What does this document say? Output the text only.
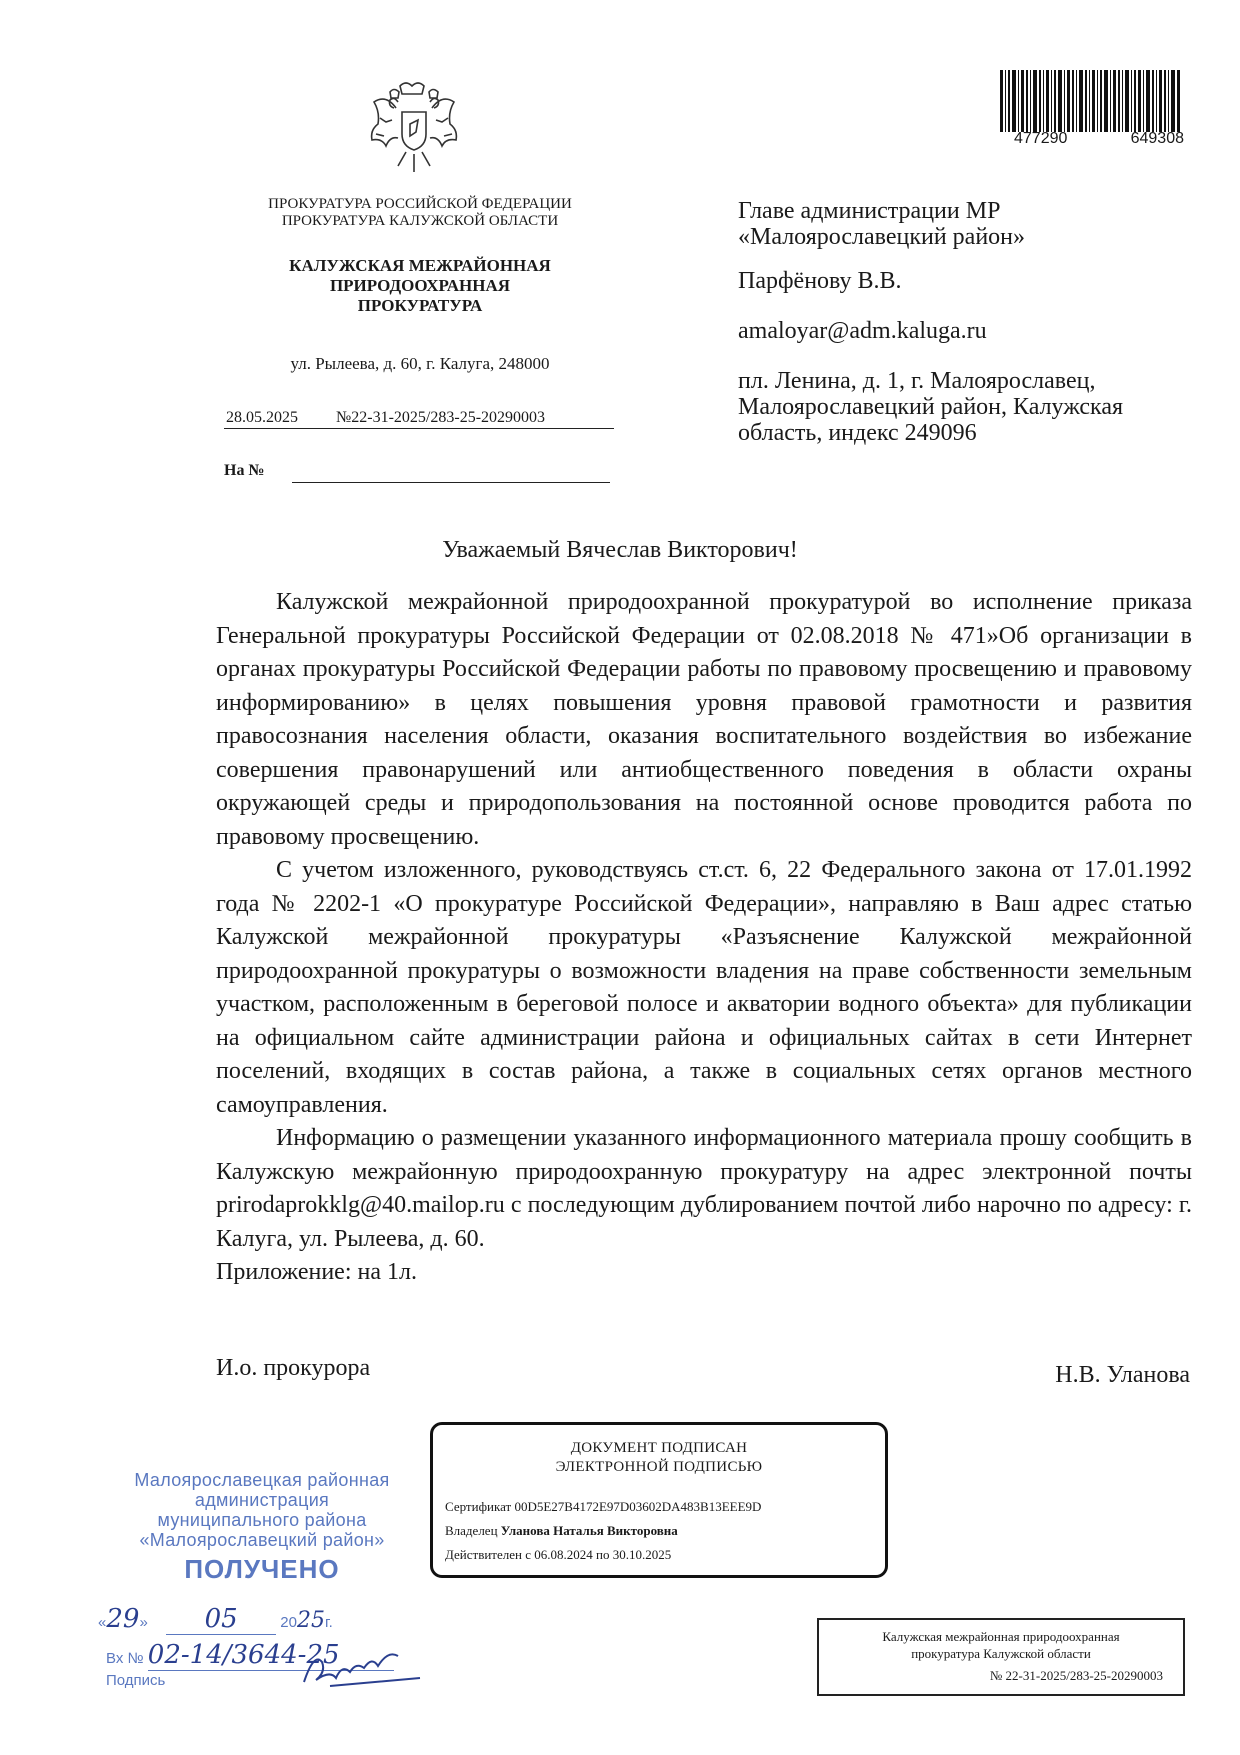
477290	649308
ПРОКУРАТУРА РОССИЙСКОЙ ФЕДЕРАЦИИ
ПРОКУРАТУРА КАЛУЖСКОЙ ОБЛАСТИ
КАЛУЖСКАЯ МЕЖРАЙОННАЯ
ПРИРОДООХРАННАЯ
ПРОКУРАТУРА
ул. Рылеева, д. 60, г. Калуга, 248000
28.05.2025 №22-31-2025/283-25-20290003
На №
Главе администрации МР
«Малоярославецкий район»
Парфёнову В.В.
amaloyar@adm.kaluga.ru
пл. Ленина, д. 1, г. Малоярославец,
Малоярославецкий район, Калужская
область, индекс 249096
Уважаемый Вячеслав Викторович!

Калужской межрайонной природоохранной прокуратурой во исполнение приказа Генеральной прокуратуры Российской Федерации от 02.08.2018 № 471»Об организации в органах прокуратуры Российской Федерации работы по правовому просвещению и правовому информированию» в целях повышения уровня правовой грамотности и развития правосознания населения области, оказания воспитательного воздействия во избежание совершения правонарушений или антиобщественного поведения в области охраны окружающей среды и природопользования на постоянной основе проводится работа по правовому просвещению.

С учетом изложенного, руководствуясь ст.ст. 6, 22 Федерального закона от 17.01.1992 года № 2202-1 «О прокуратуре Российской Федерации», направляю в Ваш адрес статью Калужской межрайонной прокуратуры «Разъяснение Калужской межрайонной природоохранной прокуратуры о возможности владения на праве собственности земельным участком, расположенным в береговой полосе и акватории водного объекта» для публикации на официальном сайте администрации района и официальных сайтах в сети Интернет поселений, входящих в состав района, а также в социальных сетях органов местного самоуправления.

Информацию о размещении указанного информационного материала прошу сообщить в Калужскую межрайонную природоохранную прокуратуру на адрес электронной почты prirodaprokklg@40.mailop.ru с последующим дублированием почтой либо нарочно по адресу: г. Калуга, ул. Рылеева, д. 60.

Приложение: на 1л.

И.о. прокурора	Н.В. Уланова
ДОКУМЕНТ ПОДПИСАН
ЭЛЕКТРОННОЙ ПОДПИСЬЮ
Сертификат 00D5E27B4172E97D03602DA483B13EEE9D
Владелец Уланова Наталья Викторовна
Действителен с 06.08.2024 по 30.10.2025
Малоярославецкая районная
администрация
муниципального района
«Малоярославецкий район»
ПОЛУЧЕНО
«29» 05	2025г.
Вх № 02-14/3644-25
Подпись
Калужская межрайонная природоохранная
прокуратура Калужской области
№ 22-31-2025/283-25-20290003
